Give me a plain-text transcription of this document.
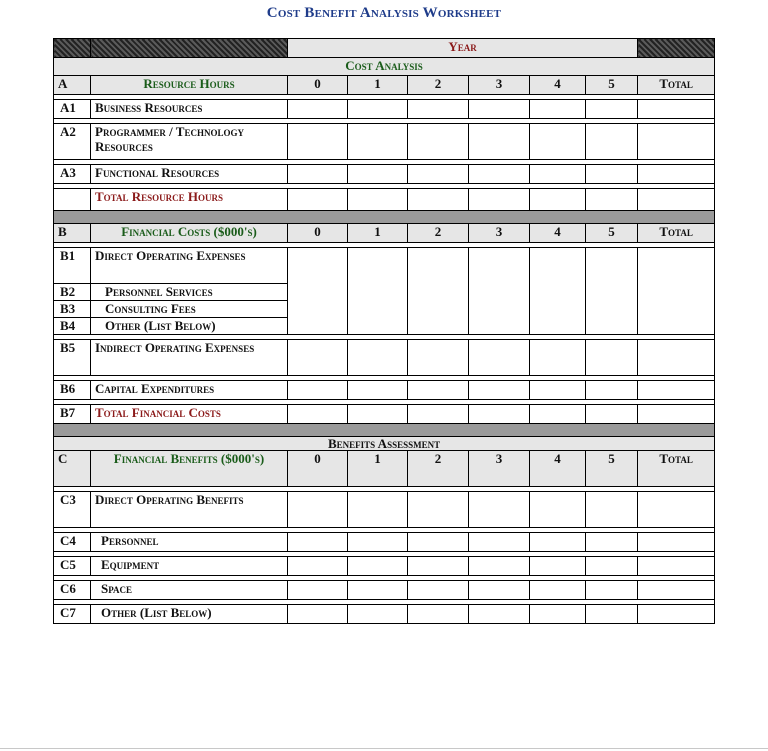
Cost Benefit Analysis Worksheet
		Year						
Cost Analysis								
A	Resource Hours	0	1	2	3	4	5	Total

A1	Business Resources							

A2	Programmer / Technology Resources							

A3	Functional Resources							

	Total Resource Hours							

B	Financial Costs ($000's)	0	1	2	3	4	5	Total

B1	Direct Operating Expenses							
B2	Personnel Services							
B3	Consulting Fees							
B4	Other (List Below)							

B5	Indirect Operating Expenses							

B6	Capital Expenditures							

B7	Total Financial Costs							

Benefits Assessment								
C	Financial Benefits ($000's)	0	1	2	3	4	5	Total

C3	Direct Operating Benefits							

C4	Personnel							

C5	Equipment							

C6	Space							

C7	Other (List Below)							
